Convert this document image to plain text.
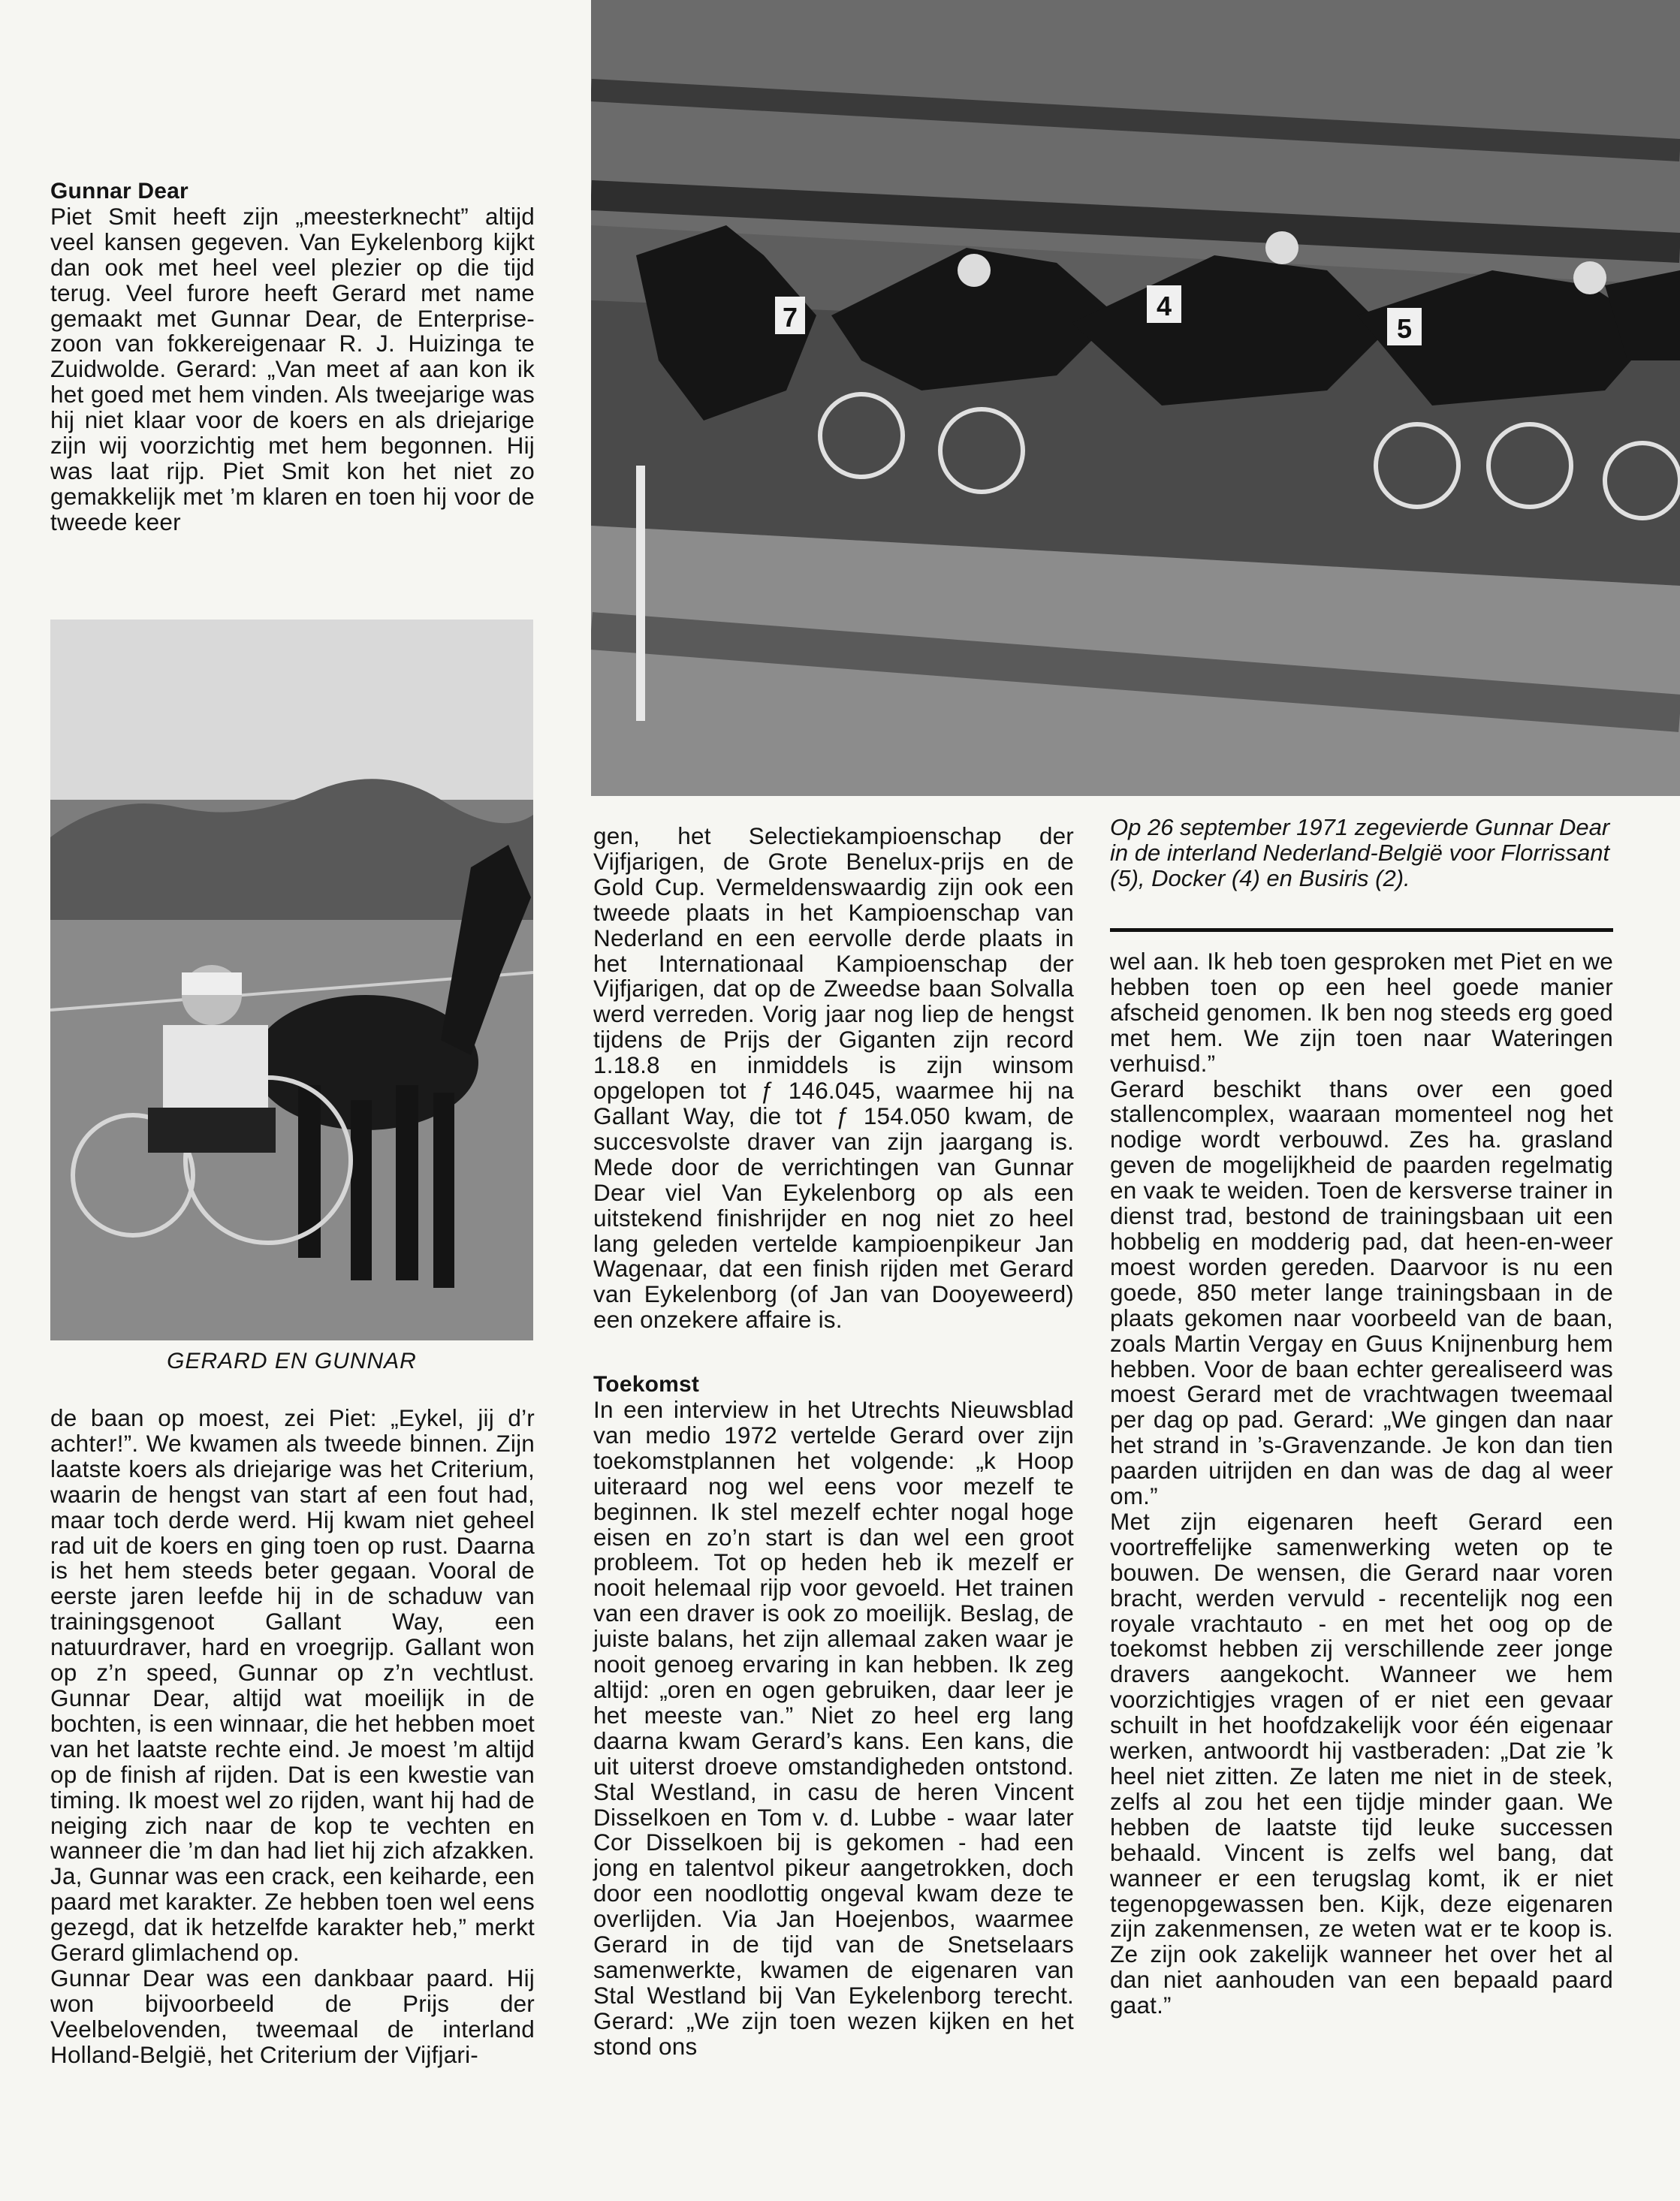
Gunnar Dear

Piet Smit heeft zijn „meesterknecht” altijd veel kansen gegeven. Van Eykelenborg kijkt dan ook met heel veel plezier op die tijd terug. Veel furore heeft Gerard met name gemaakt met Gunnar Dear, de Enterprise-zoon van fokkereigenaar R. J. Huizinga te Zuidwolde. Gerard: „Van meet af aan kon ik het goed met hem vinden. Als tweejarige was hij niet klaar voor de koers en als driejarige zijn wij voorzichtig met hem begonnen. Hij was laat rijp. Piet Smit kon het niet zo gemakkelijk met ’m klaren en toen hij voor de tweede keer

GERARD EN GUNNAR

de baan op moest, zei Piet: „Eykel, jij d’r achter!”. We kwamen als tweede binnen. Zijn laatste koers als driejarige was het Criterium, waarin de hengst van start af een fout had, maar toch derde werd. Hij kwam niet geheel rad uit de koers en ging toen op rust. Daarna is het hem steeds beter gegaan. Vooral de eerste jaren leefde hij in de schaduw van trainingsgenoot Gallant Way, een natuurdraver, hard en vroegrijp. Gallant won op z’n speed, Gunnar op z’n vechtlust. Gunnar Dear, altijd wat moeilijk in de bochten, is een winnaar, die het hebben moet van het laatste rechte eind. Je moest ’m altijd op de finish af rijden. Dat is een kwestie van timing. Ik moest wel zo rijden, want hij had de neiging zich naar de kop te vechten en wanneer die ’m dan had liet hij zich afzakken. Ja, Gunnar was een crack, een keiharde, een paard met karakter. Ze hebben toen wel eens gezegd, dat ik hetzelfde karakter heb,” merkt Gerard glimlachend op.

Gunnar Dear was een dankbaar paard. Hij won bijvoorbeeld de Prijs der Veelbelovenden, tweemaal de interland Holland-België, het Criterium der Vijfjari-

7	4
5

gen, het Selectiekampioenschap der Vijfjarigen, de Grote Benelux-prijs en de Gold Cup. Vermeldenswaardig zijn ook een tweede plaats in het Kampioenschap van Nederland en een eervolle derde plaats in het Internationaal Kampioenschap der Vijfjarigen, dat op de Zweedse baan Solvalla werd verreden. Vorig jaar nog liep de hengst tijdens de Prijs der Giganten zijn record 1.18.8 en inmiddels is zijn winsom opgelopen tot ƒ 146.045, waarmee hij na Gallant Way, die tot ƒ 154.050 kwam, de succesvolste draver van zijn jaargang is. Mede door de verrichtingen van Gunnar Dear viel Van Eykelenborg op als een uitstekend finishrijder en nog niet zo heel lang geleden vertelde kampioenpikeur Jan Wagenaar, dat een finish rijden met Gerard van Eykelenborg (of Jan van Dooyeweerd) een onzekere affaire is.

Toekomst

In een interview in het Utrechts Nieuwsblad van medio 1972 vertelde Gerard over zijn toekomstplannen het volgende: „k Hoop uiteraard nog wel eens voor mezelf te beginnen. Ik stel mezelf echter nogal hoge eisen en zo’n start is dan wel een groot probleem. Tot op heden heb ik mezelf er nooit helemaal rijp voor gevoeld. Het trainen van een draver is ook zo moeilijk. Beslag, de juiste balans, het zijn allemaal zaken waar je nooit genoeg ervaring in kan hebben. Ik zeg altijd: „oren en ogen gebruiken, daar leer je het meeste van.” Niet zo heel erg lang daarna kwam Gerard’s kans. Een kans, die uit uiterst droeve omstandigheden ontstond. Stal Westland, in casu de heren Vincent Disselkoen en Tom v. d. Lubbe - waar later Cor Disselkoen bij is gekomen - had een jong en talentvol pikeur aangetrokken, doch door een noodlottig ongeval kwam deze te overlijden. Via Jan Hoejenbos, waarmee Gerard in de tijd van de Snetselaars samenwerkte, kwamen de eigenaren van Stal Westland bij Van Eykelenborg terecht. Gerard: „We zijn toen wezen kijken en het stond ons

Op 26 september 1971 zegevierde Gunnar Dear in de interland Nederland-België voor Florrissant (5), Docker (4) en Busiris (2).

wel aan. Ik heb toen gesproken met Piet en we hebben toen op een heel goede manier afscheid genomen. Ik ben nog steeds erg goed met hem. We zijn toen naar Wateringen verhuisd.”

Gerard beschikt thans over een goed stallencomplex, waaraan momenteel nog het nodige wordt verbouwd. Zes ha. grasland geven de mogelijkheid de paarden regelmatig en vaak te weiden. Toen de kersverse trainer in dienst trad, bestond de trainingsbaan uit een hobbelig en modderig pad, dat heen-en-weer moest worden gereden. Daarvoor is nu een goede, 850 meter lange trainingsbaan in de plaats gekomen naar voorbeeld van de baan, zoals Martin Vergay en Guus Knijnenburg hem hebben. Voor de baan echter gerealiseerd was moest Gerard met de vrachtwagen tweemaal per dag op pad. Gerard: „We gingen dan naar het strand in ’s-Gravenzande. Je kon dan tien paarden uitrijden en dan was de dag al weer om.”

Met zijn eigenaren heeft Gerard een voortreffelijke samenwerking weten op te bouwen. De wensen, die Gerard naar voren bracht, werden vervuld - recentelijk nog een royale vrachtauto - en met het oog op de toekomst hebben zij verschillende zeer jonge dravers aangekocht. Wanneer we hem voorzichtigjes vragen of er niet een gevaar schuilt in het hoofdzakelijk voor één eigenaar werken, antwoordt hij vastberaden: „Dat zie ’k heel niet zitten. Ze laten me niet in de steek, zelfs al zou het een tijdje minder gaan. We hebben de laatste tijd leuke successen behaald. Vincent is zelfs wel bang, dat wanneer er een terugslag komt, ik er niet tegenopgewassen ben. Kijk, deze eigenaren zijn zakenmensen, ze weten wat er te koop is. Ze zijn ook zakelijk wanneer het over het al dan niet aanhouden van een bepaald paard gaat.”
